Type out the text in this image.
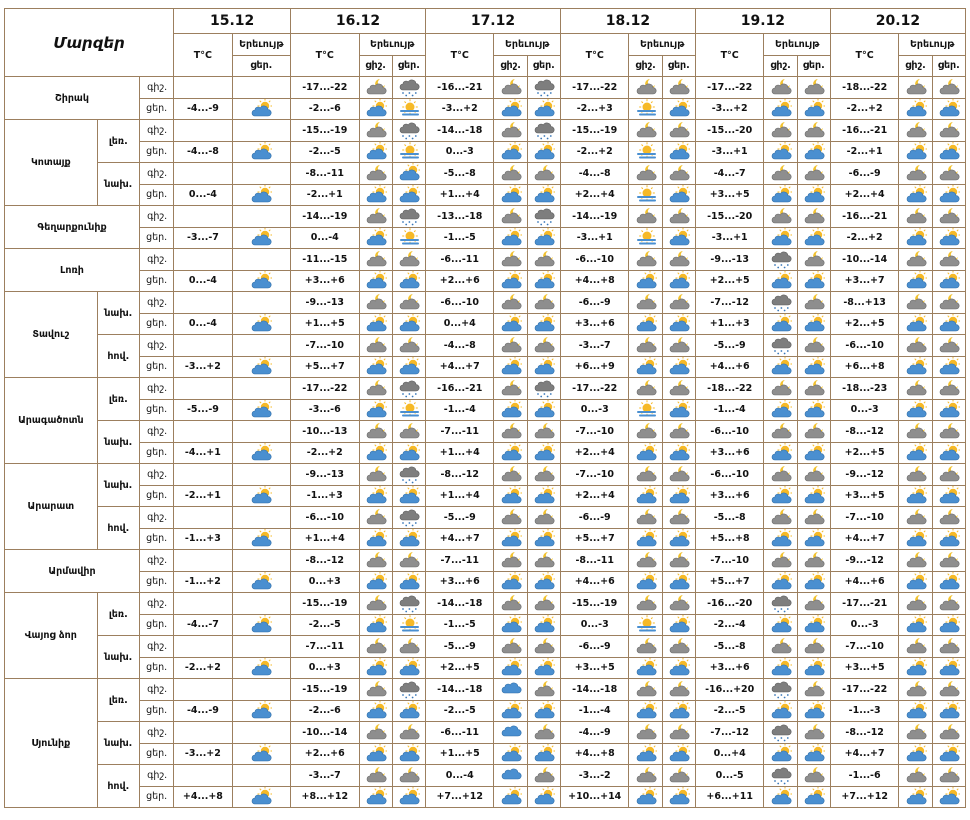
Մարզեր			15.12		16.12			17.12			18.12			19.12			20.12		
			T°C	Երեւույթ	T°C	Երեւույթ		T°C	Երեւույթ		T°C	Երեւույթ		T°C	Երեւույթ		T°C	Երեւույթ	
				ցեր.		ցիշ.	ցեր.		ցիշ.	ցեր.		ցիշ.	ցեր.		ցիշ.	ցեր.		ցիշ.	ցեր.
Շիրակ		գիշ.			-17...-22			-16...-21			-17...-22			-17...-22			-18...-22	

		ցեր.	-4...-9		-2...-6			-3...+2			-2...+3			-3...+2			-2...+2	

Կոտայք	լեռ.	գիշ.			-15...-19			-14...-18			-15...-19			-15...-20			-16...-21	

		ցեր.	-4...-8		-2...-5			0...-3			-2...+2			-3...+1			-2...+1	

	նախ.	գիշ.			-8...-11			-5...-8			-4...-8			-4...-7			-6...-9	

		ցեր.	0...-4		-2...+1			+1...+4			+2...+4			+3...+5			+2...+4	

Գեղարքունիք		գիշ.			-14...-19			-13...-18			-14...-19			-15...-20			-16...-21	

		ցեր.	-3...-7		0...-4			-1...-5			-3...+1			-3...+1			-2...+2	

Լոռի		գիշ.			-11...-15			-6...-11			-6...-10			-9...-13			-10...-14	

		ցեր.	0...-4		+3...+6			+2...+6			+4...+8			+2...+5			+3...+7	

Տավուշ	նախ.	գիշ.			-9...-13			-6...-10			-6...-9			-7...-12			-8...+13	

		ցեր.	0...-4		+1...+5			0...+4			+3...+6			+1...+3			+2...+5	

	հով.	գիշ.			-7...-10			-4...-8			-3...-7			-5...-9			-6...-10	

		ցեր.	-3...+2		+5...+7			+4...+7			+6...+9			+4...+6			+6...+8	

Արագածոտն	լեռ.	գիշ.			-17...-22			-16...-21			-17...-22			-18...-22			-18...-23	

		ցեր.	-5...-9		-3...-6			-1...-4			0...-3			-1...-4			0...-3	

	նախ.	գիշ.			-10...-13			-7...-11			-7...-10			-6...-10			-8...-12	

		ցեր.	-4...+1		-2...+2			+1...+4			+2...+4			+3...+6			+2...+5	

Արարատ	նախ.	գիշ.			-9...-13			-8...-12			-7...-10			-6...-10			-9...-12	

		ցեր.	-2...+1		-1...+3			+1...+4			+2...+4			+3...+6			+3...+5	

	հով.	գիշ.			-6...-10			-5...-9			-6...-9			-5...-8			-7...-10	

		ցեր.	-1...+3		+1...+4			+4...+7			+5...+7			+5...+8			+4...+7	

Արմավիր		գիշ.			-8...-12			-7...-11			-8...-11			-7...-10			-9...-12	

		ցեր.	-1...+2		0...+3			+3...+6			+4...+6			+5...+7			+4...+6	

Վայոց ձոր	լեռ.	գիշ.			-15...-19			-14...-18			-15...-19			-16...-20			-17...-21	

		ցեր.	-4...-7		-2...-5			-1...-5			0...-3			-2...-4			0...-3	

	նախ.	գիշ.			-7...-11			-5...-9			-6...-9			-5...-8			-7...-10	

		ցեր.	-2...+2		0...+3			+2...+5			+3...+5			+3...+6			+3...+5	

Սյունիք	լեռ.	գիշ.			-15...-19			-14...-18			-14...-18			-16...+20			-17...-22	

		ցեր.	-4...-9		-2...-6			-2...-5			-1...-4			-2...-5			-1...-3	

	նախ.	գիշ.			-10...-14			-6...-11			-4...-9			-7...-12			-8...-12	

		ցեր.	-3...+2		+2...+6			+1...+5			+4...+8			0...+4			+4...+7	

	հով.	գիշ.			-3...-7			0...-4			-3...-2			0...-5			-1...-6	

		ցեր.	+4...+8		+8...+12			+7...+12			+10...+14			+6...+11			+7...+12	
